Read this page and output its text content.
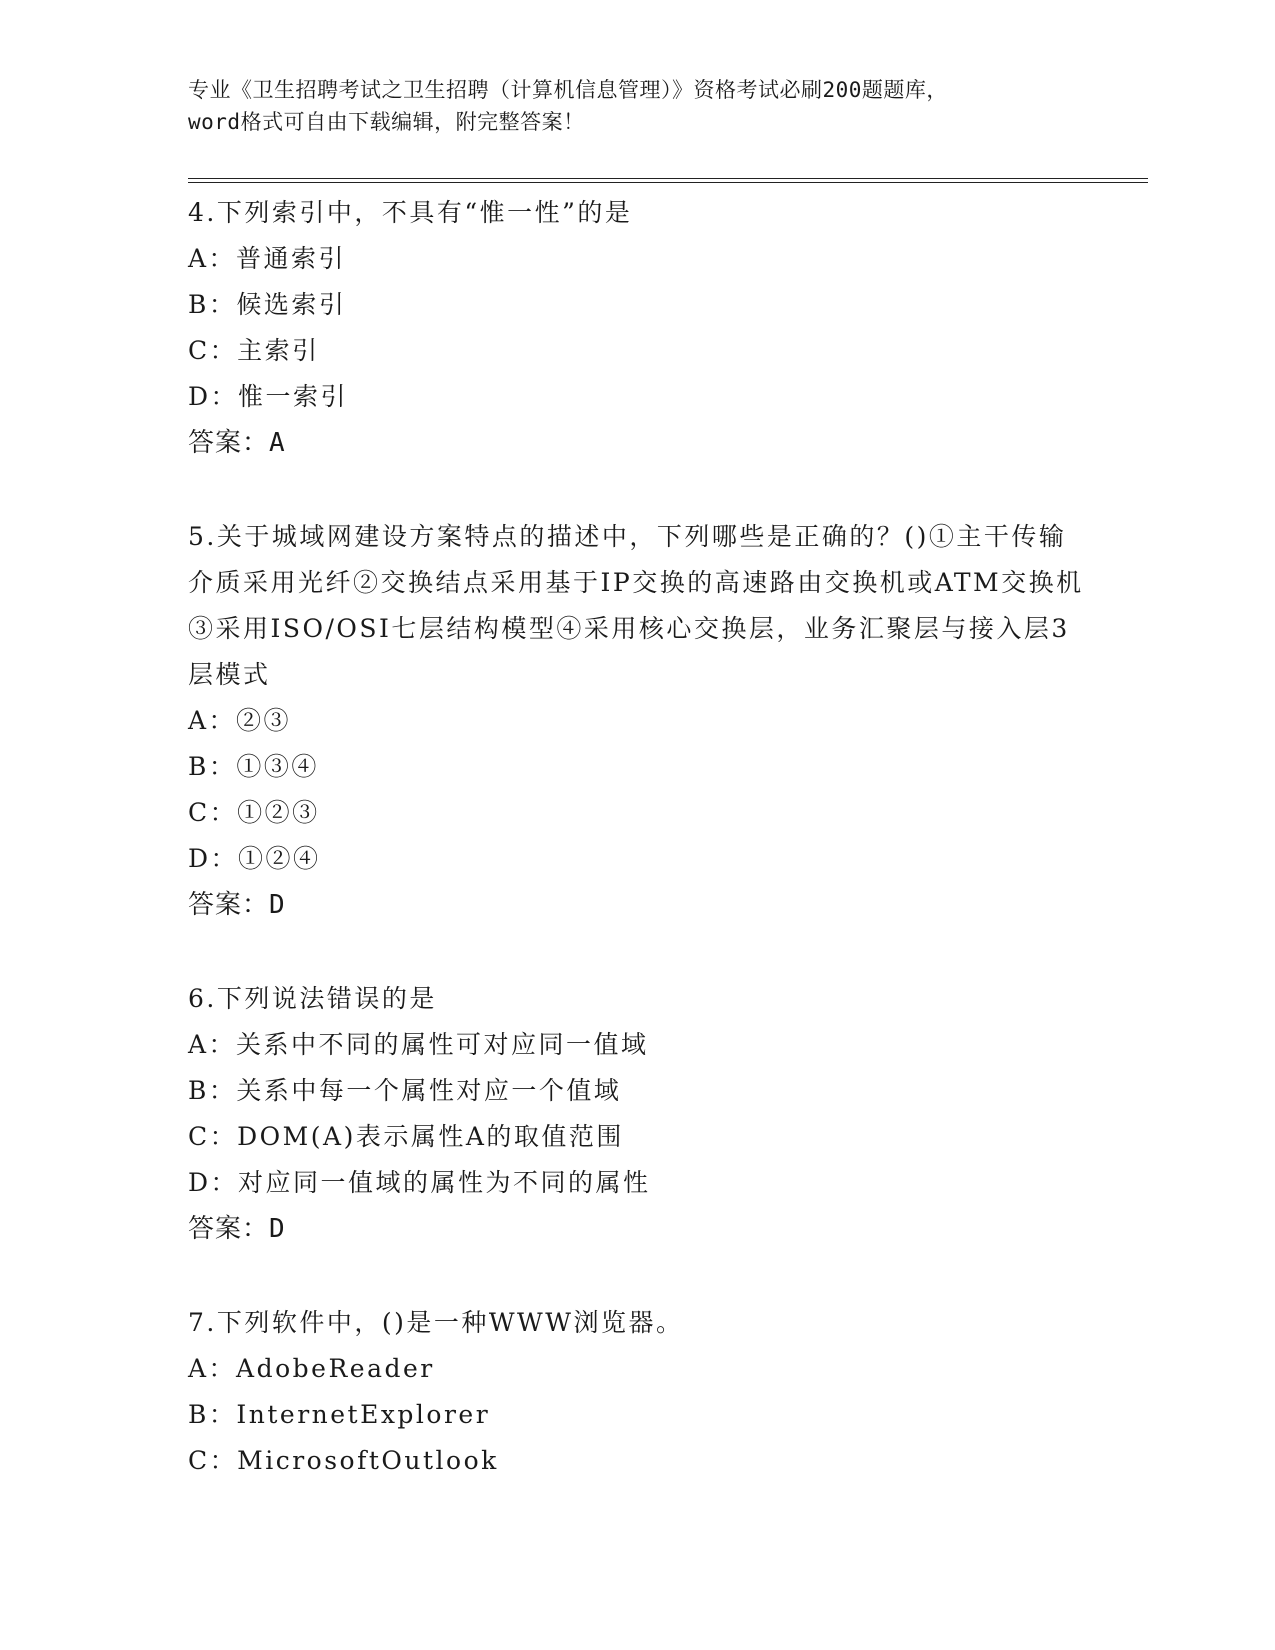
专业《卫生招聘考试之卫生招聘（计算机信息管理）》资格考试必刷200题题库，
word格式可自由下载编辑，附完整答案！
4.下列索引中，不具有“惟一性”的是
A：普通索引
B：候选索引
C：主索引
D：惟一索引
答案：A
5.关于城域网建设方案特点的描述中，下列哪些是正确的？()①主干传输介质采用光纤②交换结点采用基于IP交换的高速路由交换机或ATM交换机③采用ISO/OSI七层结构模型④采用核心交换层，业务汇聚层与接入层3层模式
A：②③
B：①③④
C：①②③
D：①②④
答案：D
6.下列说法错误的是
A：关系中不同的属性可对应同一值域
B：关系中每一个属性对应一个值域
C：DOM(A)表示属性A的取值范围
D：对应同一值域的属性为不同的属性
答案：D
7.下列软件中，()是一种WWW浏览器。
A：AdobeReader
B：InternetExplorer
C：MicrosoftOutlook
